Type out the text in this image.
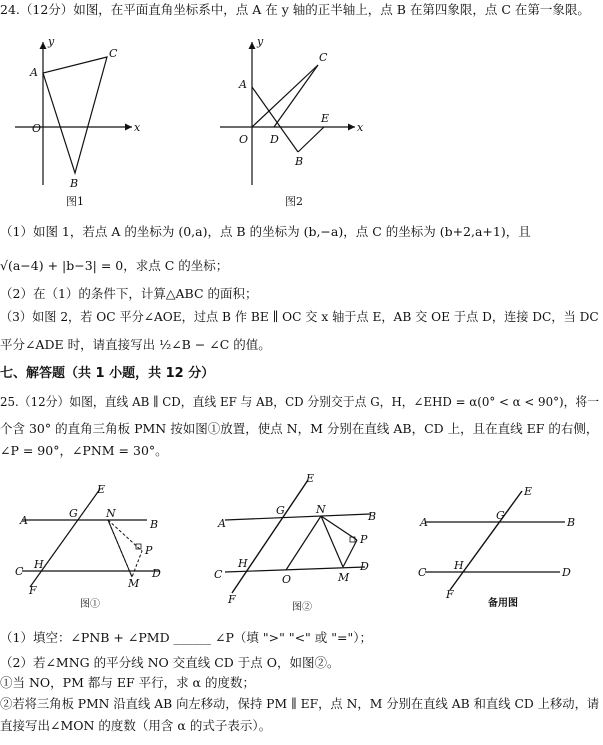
24.（12分）如图，在平面直角坐标系中，点 A 在 y 轴的正半轴上，点 B 在第四象限，点 C 在第一象限。
y
x
A
C
O
B
图1
y
x
A
C
O D
E
B
图2
（1）如图 1，若点 A 的坐标为 (0,a)，点 B 的坐标为 (b,−a)，点 C 的坐标为 (b+2,a+1)，且
√(a−4) + |b−3| = 0，求点 C 的坐标；
（2）在（1）的条件下，计算△ABC 的面积；
（3）如图 2，若 OC 平分∠AOE，过点 B 作 BE ∥ OC 交 x 轴于点 E，AB 交 OE 于点 D，连接 DC，当 DC
平分∠ADE 时，请直接写出 ½∠B − ∠C 的值。
七、解答题（共 1 小题，共 12 分）
25.（12分）如图，直线 AB ∥ CD，直线 EF 与 AB，CD 分别交于点 G，H，∠EHD = α(0° < α < 90°)，将一
个含 30° 的直角三角板 PMN 按如图①放置，使点 N，M 分别在直线 AB，CD 上，且在直线 EF 的右侧，
∠P = 90°，∠PNM = 30°。
A	B
C	D
E
F
G
H
N
P
M
图①
A
B
C
D
E
F
G
H
N
P
O	M
图②
A	B
C	D
E
F
G
H
备用图
（1）填空：∠PNB + ∠PMD ______ ∠P（填 ">" "<" 或 "="）；
（2）若∠MNG 的平分线 NO 交直线 CD 于点 O，如图②。
①当 NO，PM 都与 EF 平行，求 α 的度数；
②若将三角板 PMN 沿直线 AB 向左移动，保持 PM ∥ EF，点 N，M 分别在直线 AB 和直线 CD 上移动，请
直接写出∠MON 的度数（用含 α 的式子表示）。
